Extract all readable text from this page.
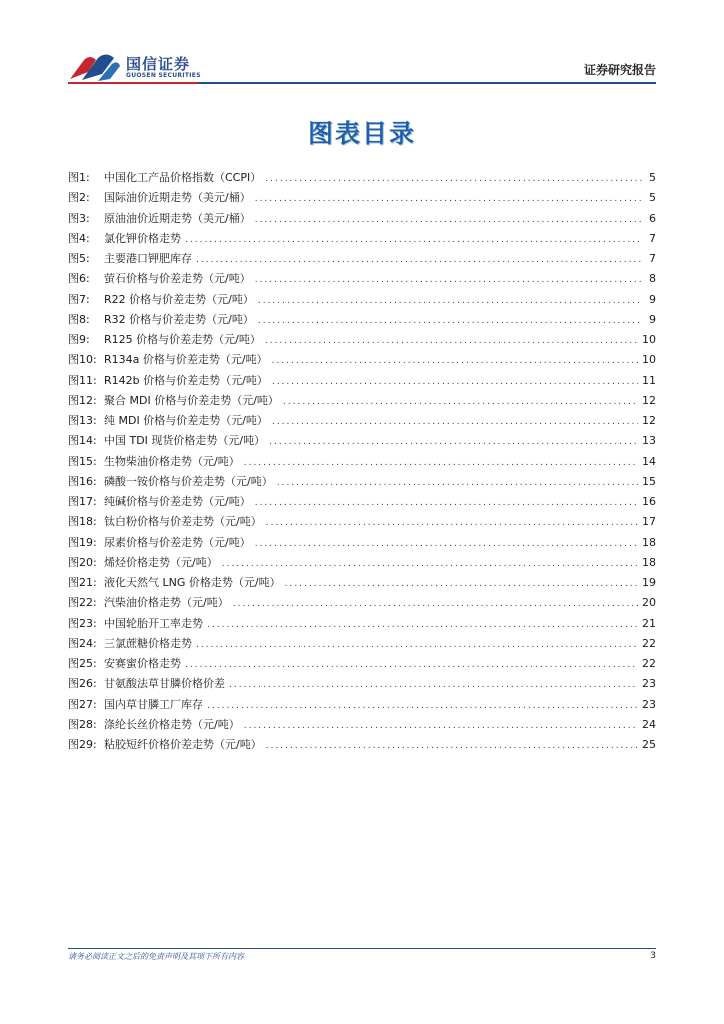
国信证券
GUOSEN SECURITIES	证券研究报告
图表目录
图1:	中国化工产品价格指数（CCPI） .....	5
图2:	国际油价近期走势（美元/桶） .....	5
图3:	原油油价近期走势（美元/桶） .....	6
图4:	氯化钾价格走势 .....	7
图5:	主要港口钾肥库存 .....	7
图6:	萤石价格与价差走势（元/吨） .....	8
图7:	R22 价格与价差走势（元/吨） .....	9
图8:	R32 价格与价差走势（元/吨） .....	9
图9:	R125 价格与价差走势（元/吨） .....	10
图10: R134a 价格与价差走势（元/吨） .....	10
图11: R142b 价格与价差走势（元/吨） .....	11
图12: 聚合 MDI 价格与价差走势（元/吨） .....	12
图13: 纯 MDI 价格与价差走势（元/吨） .....	12
图14: 中国 TDI 现货价格走势（元/吨） .....	13
图15: 生物柴油价格走势（元/吨） .....	14
图16: 磷酸一铵价格与价差走势（元/吨） .....	15
图17: 纯碱价格与价差走势（元/吨） .....	16
图18: 钛白粉价格与价差走势（元/吨） .....	17
图19: 尿素价格与价差走势（元/吨） .....	18
图20: 烯烃价格走势（元/吨） .....	18
图21: 液化天然气 LNG 价格走势（元/吨） .....	19
图22: 汽柴油价格走势（元/吨） .....	20
图23: 中国轮胎开工率走势 .....	21
图24: 三氯蔗糖价格走势 .....	22
图25: 安赛蜜价格走势 .....	22
图26: 甘氨酸法草甘膦价格价差 .....	23
图27: 国内草甘膦工厂库存 .....	23
图28: 涤纶长丝价格走势（元/吨） .....	24
图29: 粘胶短纤价格价差走势（元/吨） .....	25
请务必阅读正文之后的免责声明及其项下所有内容	3
